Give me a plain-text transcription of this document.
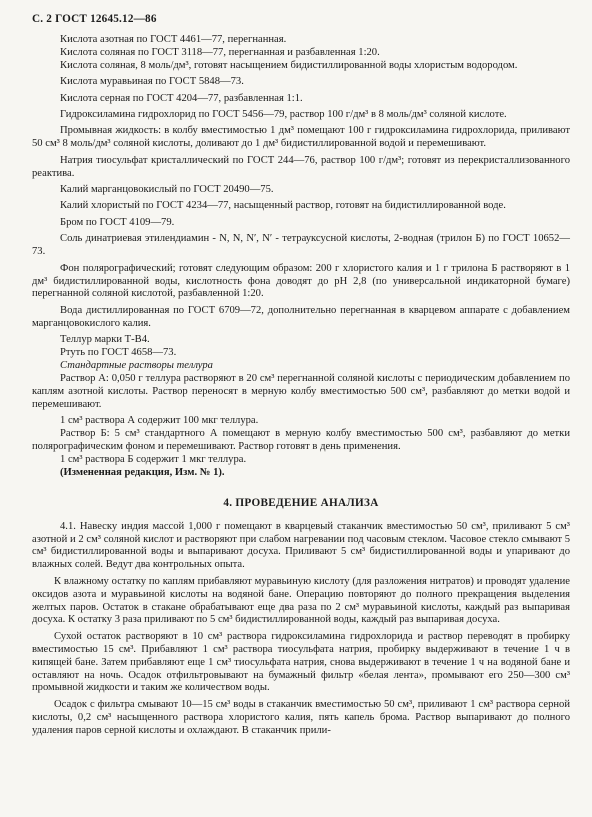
С. 2 ГОСТ 12645.12—86

Кислота азотная по ГОСТ 4461—77, перегнанная.

Кислота соляная по ГОСТ 3118—77, перегнанная и разбавленная 1:20.

Кислота соляная, 8 моль/дм³, готовят насыщением бидистиллированной воды хлористым водородом.

Кислота муравьиная по ГОСТ 5848—73.

Кислота серная по ГОСТ 4204—77, разбавленная 1:1.

Гидроксиламина гидрохлорид по ГОСТ 5456—79, раствор 100 г/дм³ в 8 моль/дм³ соляной кислоте.

Промывная жидкость: в колбу вместимостью 1 дм³ помещают 100 г гидроксиламина гидрохлорида, приливают 50 см³ 8 моль/дм³ соляной кислоты, доливают до 1 дм³ бидистиллированной водой и перемешивают.

Натрия тиосульфат кристаллический по ГОСТ 244—76, раствор 100 г/дм³; готовят из перекристаллизованного реактива.

Калий марганцовокислый по ГОСТ 20490—75.

Калий хлористый по ГОСТ 4234—77, насыщенный раствор, готовят на бидистиллированной воде.

Бром по ГОСТ 4109—79.

Соль динатриевая этилендиамин - N, N, N′, N′ - тетрауксусной кислоты, 2-водная (трилон Б) по ГОСТ 10652—73.

Фон полярографический; готовят следующим образом: 200 г хлористого калия и 1 г трилона Б растворяют в 1 дм³ бидистиллированной воды, кислотность фона доводят до рН 2,8 (по универсальной индикаторной бумаге) перегнанной соляной кислотой, разбавленной 1:20.

Вода дистиллированная по ГОСТ 6709—72, дополнительно перегнанная в кварцевом аппарате с добавлением марганцовокислого калия.

Теллур марки Т-В4.

Ртуть по ГОСТ 4658—73.

Стандартные растворы теллура

Раствор А: 0,050 г теллура растворяют в 20 см³ перегнанной соляной кислоты с периодическим добавлением по каплям азотной кислоты. Раствор переносят в мерную колбу вместимостью 500 см³, разбавляют до метки водой и перемешивают.

1 см³ раствора А содержит 100 мкг теллура.

Раствор Б: 5 см³ стандартного А помещают в мерную колбу вместимостью 500 см³, разбавляют до метки полярографическим фоном и перемешивают. Раствор готовят в день применения.

1 см³ раствора Б содержит 1 мкг теллура.

(Измененная редакция, Изм. № 1).

4. ПРОВЕДЕНИЕ АНАЛИЗА

4.1. Навеску индия массой 1,000 г помещают в кварцевый стаканчик вместимостью 50 см³, приливают 5 см³ азотной и 2 см³ соляной кислот и растворяют при слабом нагревании под часовым стеклом. Часовое стекло смывают 5 см³ бидистиллированной воды и выпаривают досуха. Приливают 5 см³ бидистиллированной воды и упаривают до влажных солей. Ведут два контрольных опыта.

К влажному остатку по каплям прибавляют муравьиную кислоту (для разложения нитратов) и проводят удаление оксидов азота и муравьиной кислоты на водяной бане. Операцию повторяют до полного прекращения выделения желтых паров. Остаток в стакане обрабатывают еще два раза по 2 см³ муравьиной кислоты, каждый раз выпаривая досуха. К остатку 3 раза приливают по 5 см³ бидистиллированной воды, каждый раз выпаривая досуха.

Сухой остаток растворяют в 10 см³ раствора гидроксиламина гидрохлорида и раствор переводят в пробирку вместимостью 15 см³. Прибавляют 1 см³ раствора тиосульфата натрия, пробирку выдерживают в течение 1 ч в кипящей бане. Затем прибавляют еще 1 см³ тиосульфата натрия, снова выдерживают в течение 1 ч на водяной бане и оставляют на ночь. Осадок отфильтровывают на бумажный фильтр «белая лента», промывают его 250—300 см³ промывной жидкости и таким же количеством воды.

Осадок с фильтра смывают 10—15 см³ воды в стаканчик вместимостью 50 см³, приливают 1 см³ раствора серной кислоты, 0,2 см³ насыщенного раствора хлористого калия, пять капель брома. Раствор выпаривают до полного удаления паров серной кислоты и охлаждают. В стаканчик прили-
